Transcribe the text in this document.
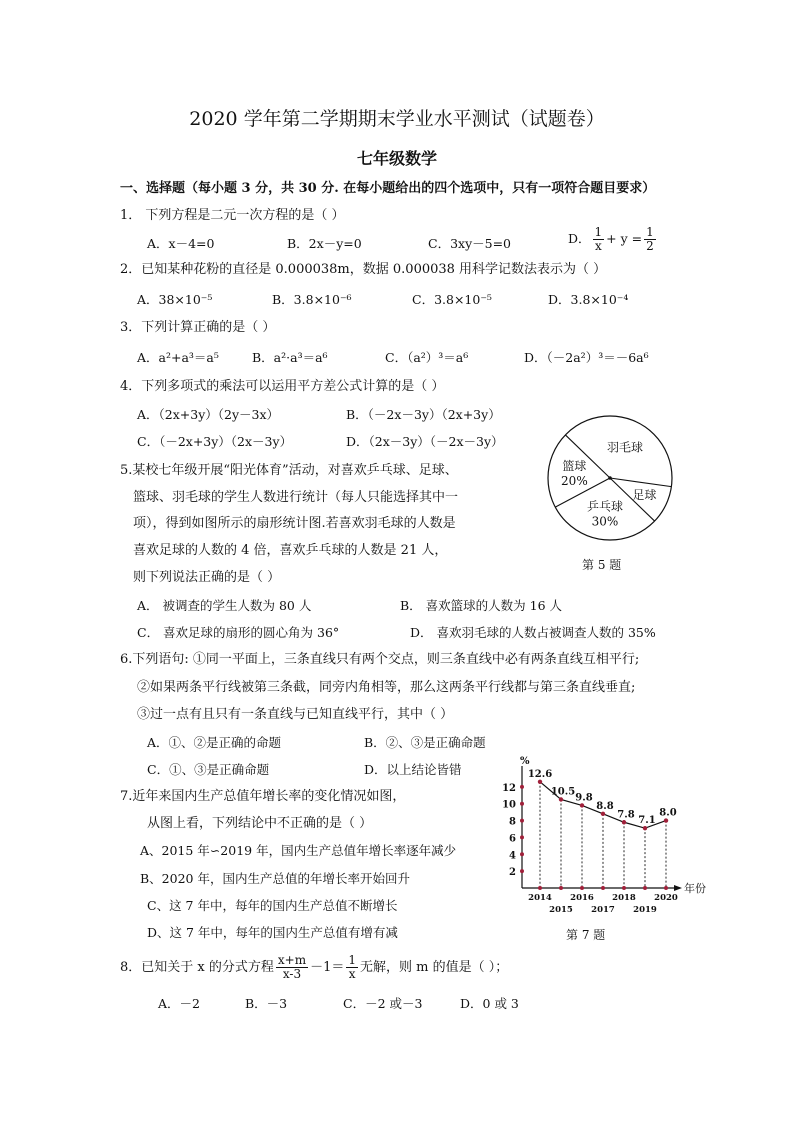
2020 学年第二学期期末学业水平测试（试题卷）
七年级数学
一、选择题（每小题 3 分，共 30 分. 在每小题给出的四个选项中，只有一项符合题目要求）
1． 下列方程是二元一次方程的是（ ）
A．x－4=0	B．2x－y=0	C．3xy－5=0	D． $\frac{1}{x} + y = \frac{1}{2}$
2．已知某种花粉的直径是 0.000038m，数据 0.000038 用科学记数法表示为（ ）
A．38×10⁻⁵	B．3.8×10⁻⁶	C．3.8×10⁻⁵	D．3.8×10⁻⁴
3．下列计算正确的是（ ）
A．a²+a³＝a⁵	B．a²·a³＝a⁶	C．（a²）³＝a⁶	D．（－2a²）³＝－6a⁶
4．下列多项式的乘法可以运用平方差公式计算的是（ ）
A．（2x+3y）（2y－3x）	B．（－2x－3y）（2x+3y）
C．（－2x+3y）（2x－3y）	D．（2x－3y）（－2x－3y）
5.某校七年级开展“阳光体育”活动，对喜欢乒乓球、足球、
篮球、羽毛球的学生人数进行统计（每人只能选择其中一
项），得到如图所示的扇形统计图.若喜欢羽毛球的人数是
喜欢足球的人数的 4 倍，喜欢乒乓球的人数是 21 人，
则下列说法正确的是（ ）
A． 被调查的学生人数为 80 人	B． 喜欢篮球的人数为 16 人
C． 喜欢足球的扇形的圆心角为 36°	D． 喜欢羽毛球的人数占被调查人数的 35%
篮球 20%
羽毛球
足球
乒乓球 30%
第 5 题
6.下列语句: ①同一平面上，三条直线只有两个交点，则三条直线中必有两条直线互相平行;
②如果两条平行线被第三条截，同旁内角相等，那么这两条平行线都与第三条直线垂直;
③过一点有且只有一条直线与已知直线平行，其中（ ）
A．①、②是正确的命题	B．②、③是正确命题
C．①、③是正确命题	D．以上结论皆错
7.近年来国内生产总值年增长率的变化情况如图，
从图上看，下列结论中不正确的是（ ）
A、2015 年∽2019 年，国内生产总值年增长率逐年减少
B、2020 年，国内生产总值的年增长率开始回升
C、这 7 年中，每年的国内生产总值不断增长
D、这 7 年中，每年的国内生产总值有增有减
%
年份
2
4
6
8
10
12
2014
2015
2016
2017
2018
2019
2020
12.6
10.5
9.8
8.8
7.8
7.1
8.0
第 7 题
8．已知关于 x 的分式方程 $\frac{x+m}{x-3} -1= \frac{1}{x}$ 无解，则 m 的值是（ ）；
A．－2	B．－3	C．－2 或－3	D．0 或 3
